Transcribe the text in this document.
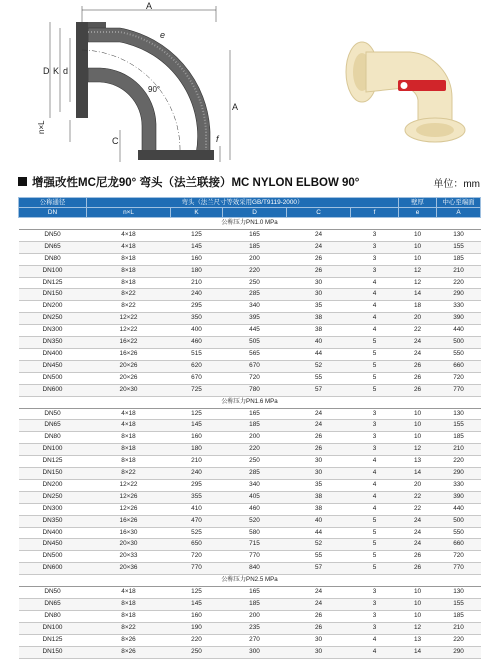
A
D K d
e
90°
A
n×L
C	f
增强改性MC尼龙90° 弯头（法兰联接）MC NYLON ELBOW 90°	单位：mm
公称通径	弯头（法兰尺寸等效采用GB/T9119-2000）					壁厚	中心至端面
DN	n×L	K	D	C	f	e	A
公称压力PN1.0 MPa							
DN50	4×18	125	165	24	3	10	130
DN65	4×18	145	185	24	3	10	155
DN80	8×18	160	200	26	3	10	185
DN100	8×18	180	220	26	3	12	210
DN125	8×18	210	250	30	4	12	220
DN150	8×22	240	285	30	4	14	290
DN200	8×22	295	340	35	4	18	330
DN250	12×22	350	395	38	4	20	390
DN300	12×22	400	445	38	4	22	440
DN350	16×22	460	505	40	5	24	500
DN400	16×26	515	565	44	5	24	550
DN450	20×26	620	670	52	5	26	660
DN500	20×26	670	720	55	5	26	720
DN600	20×30	725	780	57	5	26	770
公称压力PN1.6 MPa							
DN50	4×18	125	165	24	3	10	130
DN65	4×18	145	185	24	3	10	155
DN80	8×18	160	200	26	3	10	185
DN100	8×18	180	220	26	3	12	210
DN125	8×18	210	250	30	4	13	220
DN150	8×22	240	285	30	4	14	290
DN200	12×22	295	340	35	4	20	330
DN250	12×26	355	405	38	4	22	390
DN300	12×26	410	460	38	4	22	440
DN350	16×26	470	520	40	5	24	500
DN400	16×30	525	580	44	5	24	550
DN450	20×30	650	715	52	5	24	660
DN500	20×33	720	770	55	5	26	720
DN600	20×36	770	840	57	5	26	770
公称压力PN2.5 MPa							
DN50	4×18	125	165	24	3	10	130
DN65	8×18	145	185	24	3	10	155
DN80	8×18	160	200	26	3	10	185
DN100	8×22	190	235	26	3	12	210
DN125	8×26	220	270	30	4	13	220
DN150	8×26	250	300	30	4	14	290
